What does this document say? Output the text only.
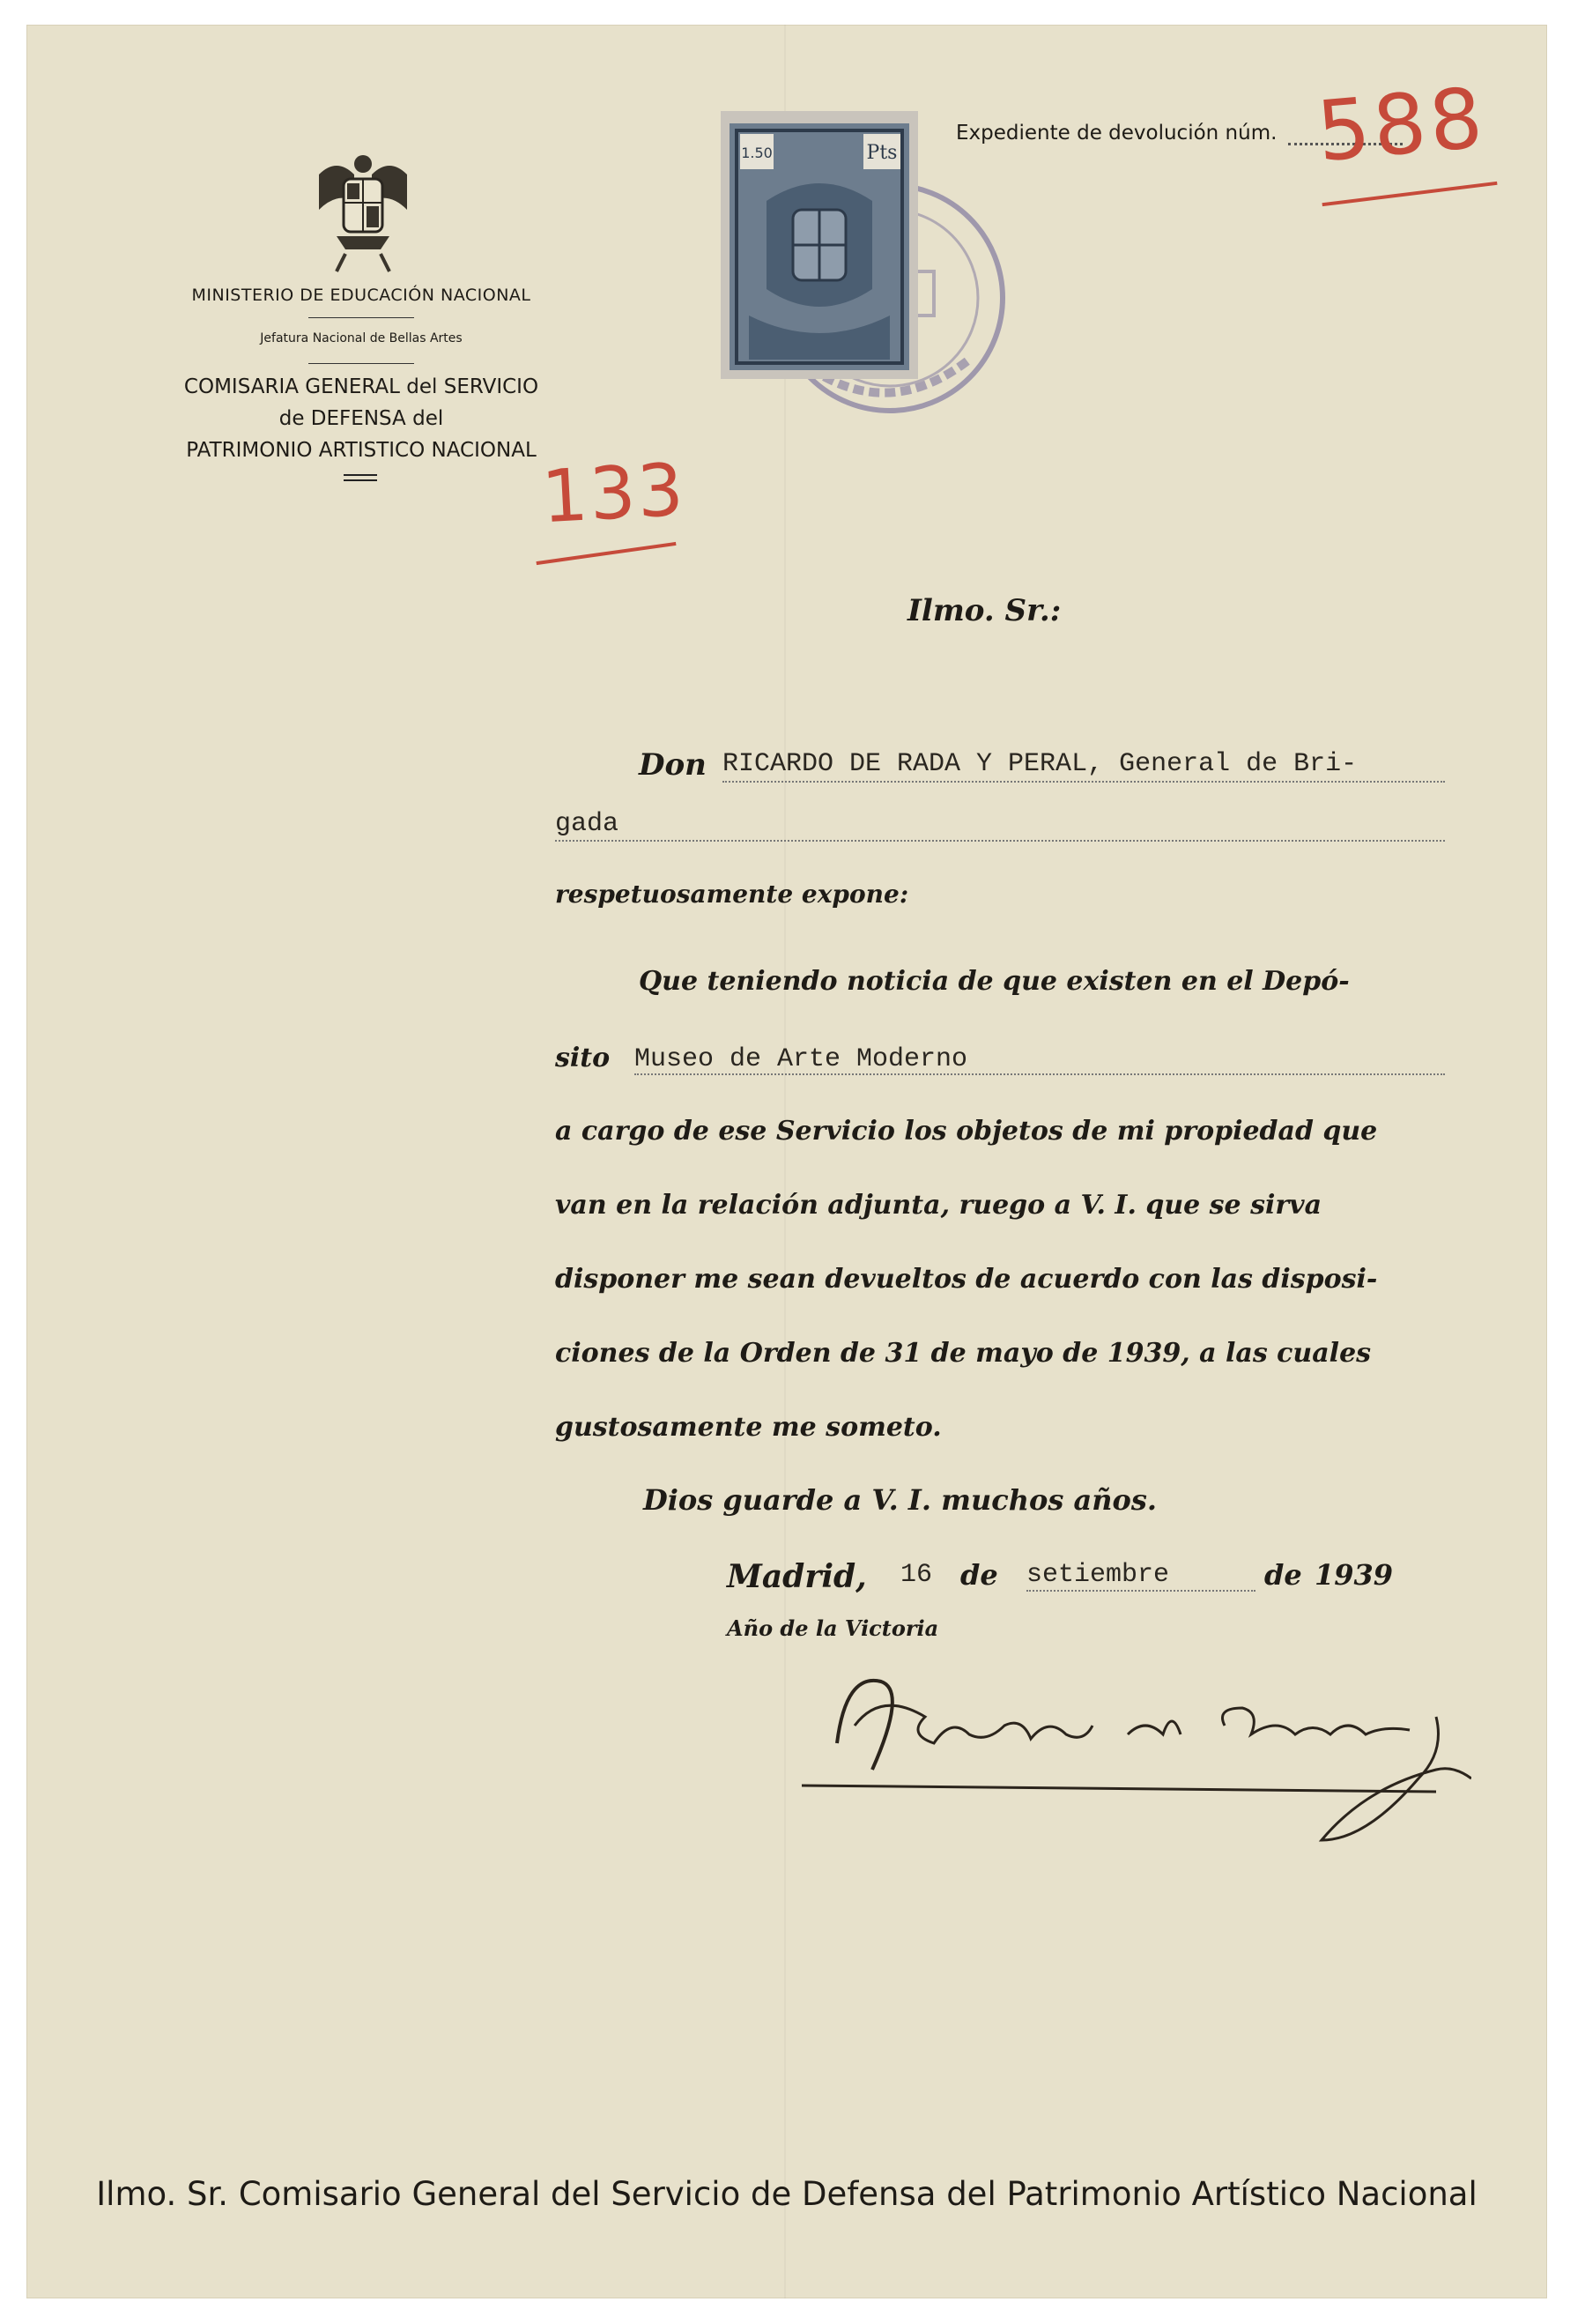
MINISTERIO DE EDUCACIÓN NACIONAL
Jefatura Nacional de Bellas Artes
COMISARIA GENERAL del SERVICIO
de DEFENSA del
PATRIMONIO ARTISTICO NACIONAL
1.50	Pts
Expediente de devolución núm. 588
133
Ilmo. Sr.:
Don RICARDO DE RADA Y PERAL, General de Bri-
gada
respetuosamente expone:
Que teniendo noticia de que existen en el Depó-
sito Museo de Arte Moderno
a cargo de ese Servicio los objetos de mi propiedad que
van en la relación adjunta, ruego a V. I. que se sirva
disponer me sean devueltos de acuerdo con las disposi-
ciones de la Orden de 31 de mayo de 1939, a las cuales
gustosamente me someto.
Dios guarde a V. I. muchos años.
Madrid, 16 de setiembre	de 1939
Año de la Victoria
Ilmo. Sr. Comisario General del Servicio de Defensa del Patrimonio Artístico Nacional
